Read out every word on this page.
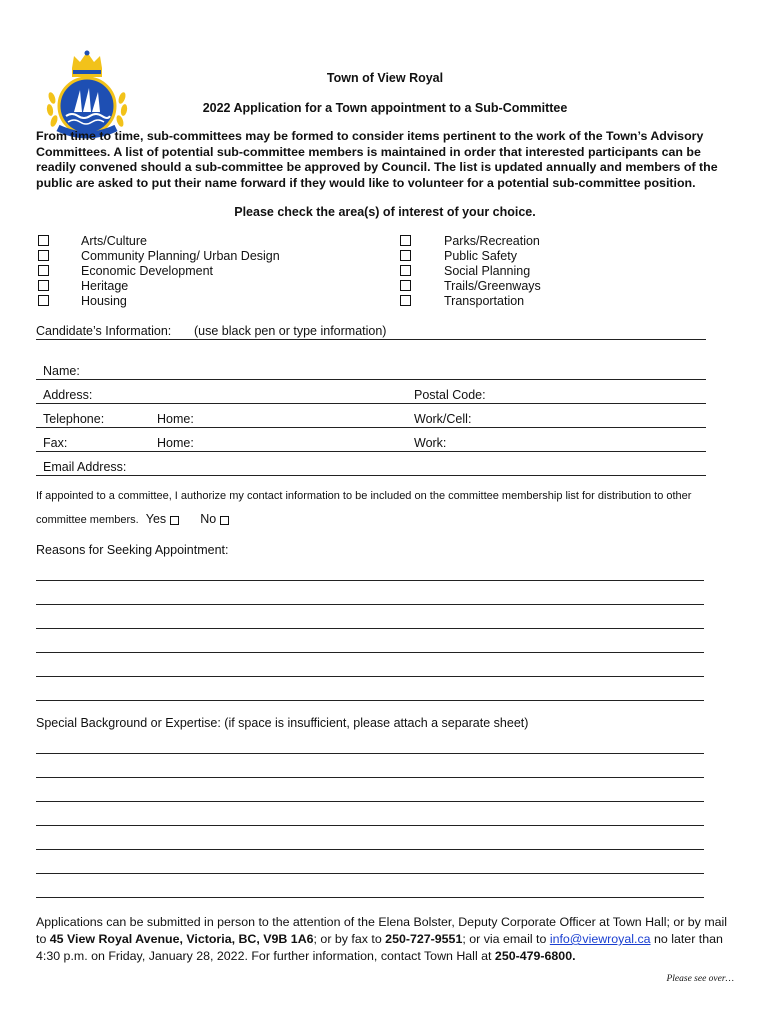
Town of View Royal
2022 Application for a Town appointment to a Sub-Committee
From time to time, sub-committees may be formed to consider items pertinent to the work of the Town’s Advisory Committees. A list of potential sub-committee members is maintained in order that interested participants can be readily convened should a sub-committee be approved by Council. The list is updated annually and members of the public are asked to put their name forward if they would like to volunteer for a potential sub-committee position.
Please check the area(s) of interest of your choice.
Arts/Culture
Community Planning/ Urban Design
Economic Development
Heritage
Housing
Parks/Recreation
Public Safety
Social Planning
Trails/Greenways
Transportation
Candidate’s Information: (use black pen or type information)
Name:
Address:	Postal Code:
Telephone:	Home:	Work/Cell:
Fax:	Home:	Work:
Email Address:
If appointed to a committee, I authorize my contact information to be included on the committee membership list for distribution to other
committee members. Yes	No
Reasons for Seeking Appointment:
Special Background or Expertise: (if space is insufficient, please attach a separate sheet)
Applications can be submitted in person to the attention of the Elena Bolster, Deputy Corporate Officer at Town Hall; or by mail to 45 View Royal Avenue, Victoria, BC, V9B 1A6; or by fax to 250-727-9551; or via email to info@viewroyal.ca no later than 4:30 p.m. on Friday, January 28, 2022. For further information, contact Town Hall at 250-479-6800.
Please see over…
